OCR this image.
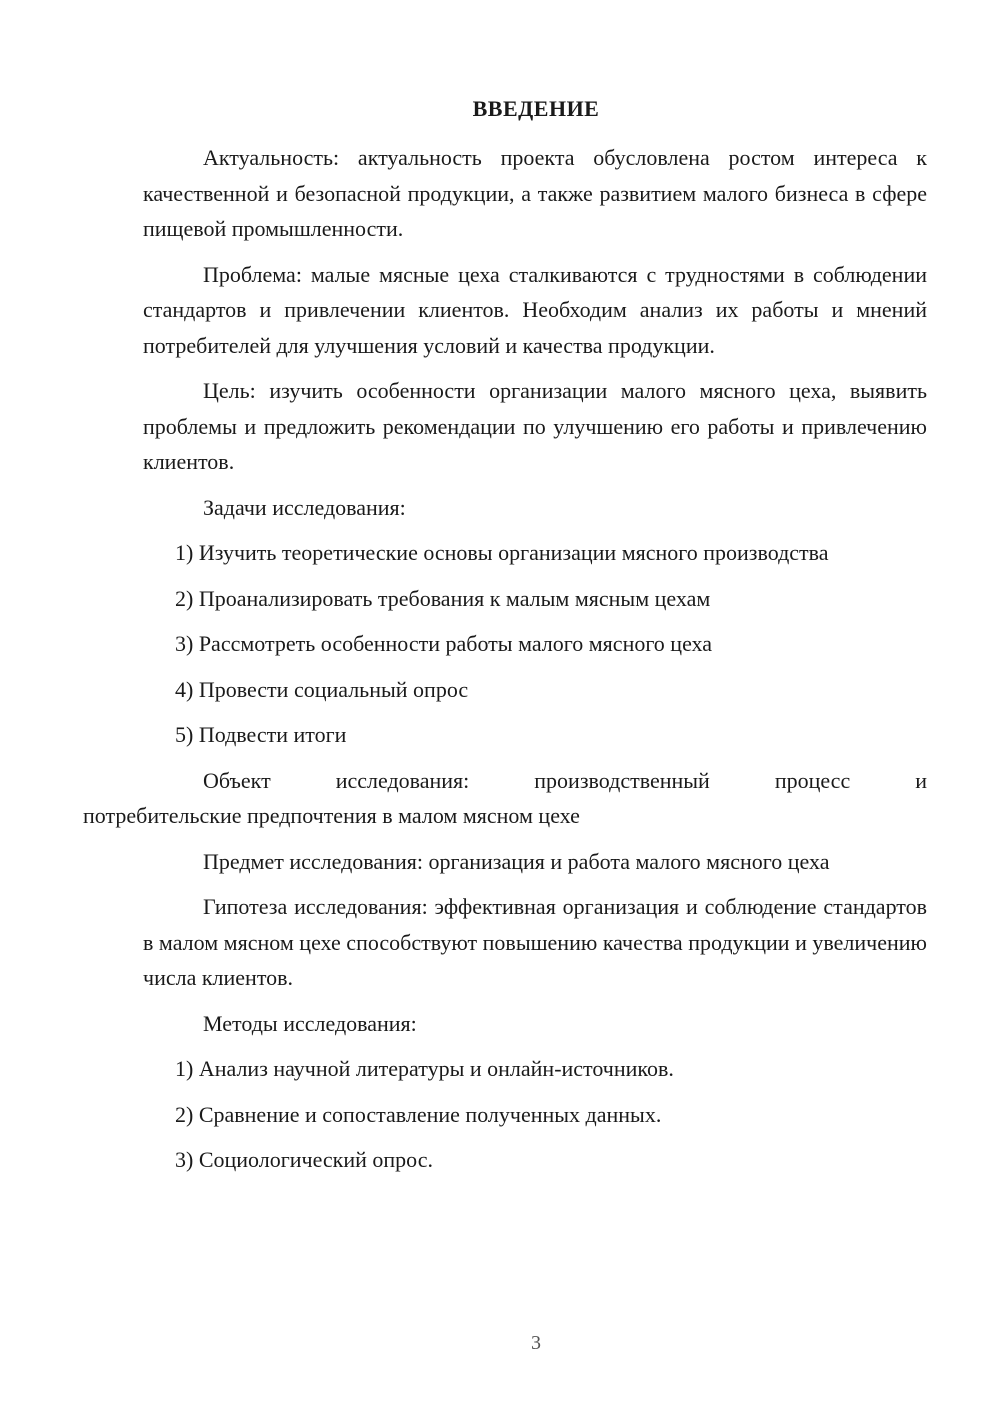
ВВЕДЕНИЕ

Актуальность: актуальность проекта обусловлена ростом интереса к качественной и безопасной продукции, а также развитием малого бизнеса в сфере пищевой промышленности.

Проблема: малые мясные цеха сталкиваются с трудностями в соблюдении стандартов и привлечении клиентов. Необходим анализ их работы и мнений потребителей для улучшения условий и качества продукции.

Цель: изучить особенности организации малого мясного цеха, выявить проблемы и предложить рекомендации по улучшению его работы и привлечению клиентов.

Задачи исследования:

1) Изучить теоретические основы организации мясного производства
2) Проанализировать требования к малым мясным цехам
3) Рассмотреть особенности работы малого мясного цеха
4) Провести социальный опрос
5) Подвести итоги
Объект исследования: производственный процесс и
потребительские предпочтения в малом мясном цехе

Предмет исследования: организация и работа малого мясного цеха

Гипотеза исследования: эффективная организация и соблюдение стандартов в малом мясном цехе способствуют повышению качества продукции и увеличению числа клиентов.

Методы исследования:

1) Анализ научной литературы и онлайн-источников.
2) Сравнение и сопоставление полученных данных.
3) Социологический опрос.
3
